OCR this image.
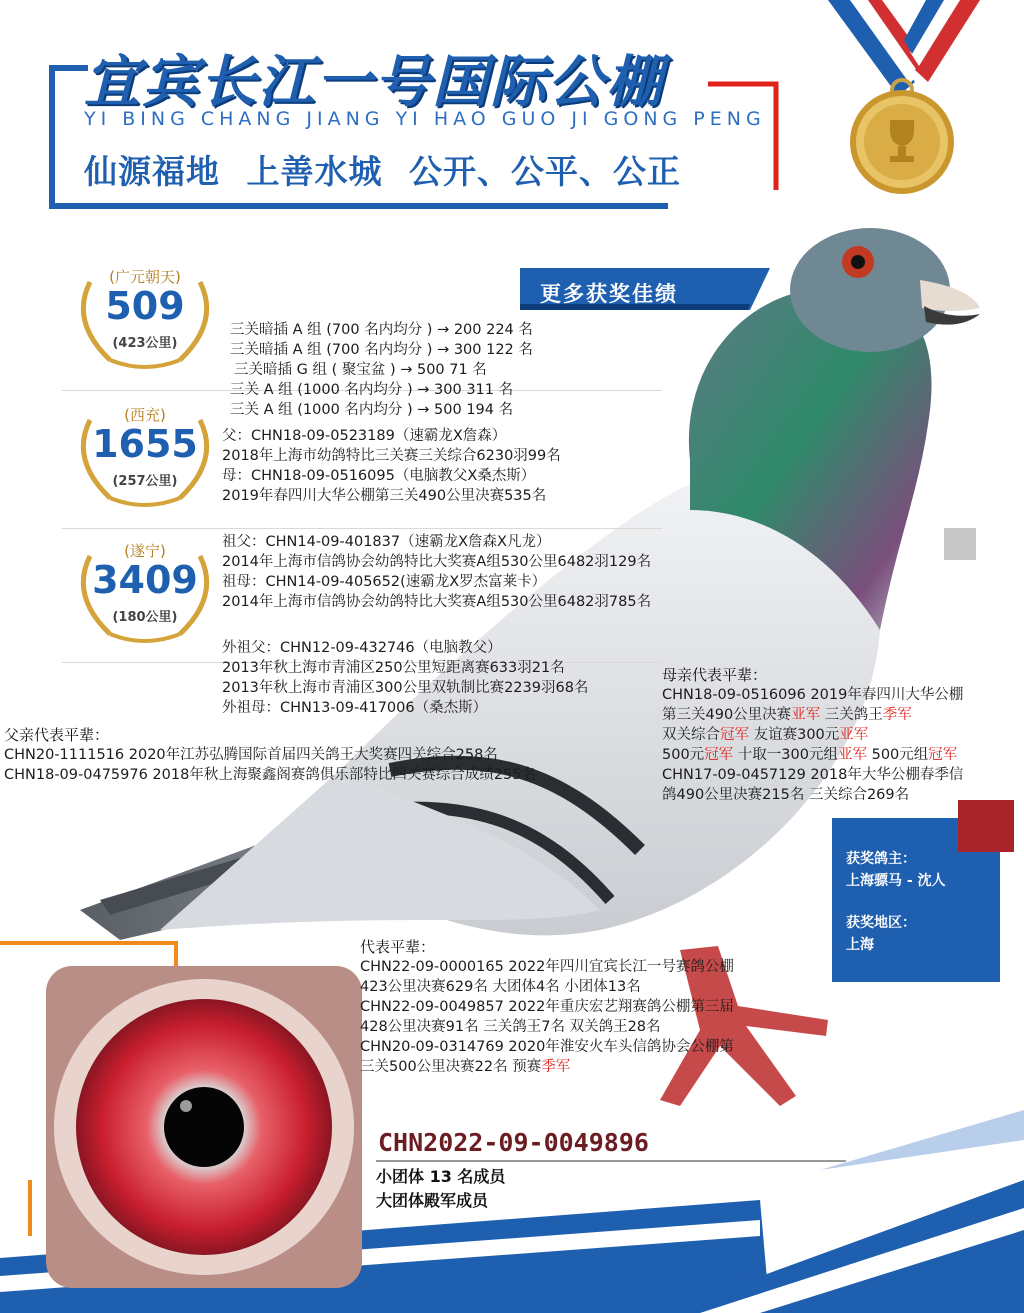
宜宾长江一号国际公棚
YI BING CHANG JIANG YI HAO GUO JI GONG PENG
仙源福地 上善水城 公开、公平、公正
更多获奖佳绩
(广元朝天)
509
(423公里)
(西充)
1655
(257公里)
(遂宁)
3409
(180公里)
三关暗插 A 组 (700 名内均分 ) → 200 224 名
三关暗插 A 组 (700 名内均分 ) → 300 122 名
三关暗插 G 组 ( 聚宝盆 ) → 500 71 名
三关 A 组 (1000 名内均分 ) → 300 311 名
三关 A 组 (1000 名内均分 ) → 500 194 名
父：CHN18-09-0523189（速霸龙X詹森）
2018年上海市幼鸽特比三关赛三关综合6230羽99名
母：CHN18-09-0516095（电脑教父X桑杰斯）
2019年春四川大华公棚第三关490公里决赛535名
祖父：CHN14-09-401837（速霸龙X詹森X凡龙）
2014年上海市信鸽协会幼鸽特比大奖赛A组530公里6482羽129名
祖母：CHN14-09-405652(速霸龙X罗杰富莱卡）
2014年上海市信鸽协会幼鸽特比大奖赛A组530公里6482羽785名
外祖父：CHN12-09-432746（电脑教父）
2013年秋上海市青浦区250公里短距离赛633羽21名
2013年秋上海市青浦区300公里双轨制比赛2239羽68名
外祖母：CHN13-09-417006（桑杰斯）
父亲代表平辈：
CHN20-1111516 2020年江苏弘腾国际首届四关鸽王大奖赛四关综合258名
CHN18-09-0475976 2018年秋上海聚鑫阁赛鸽俱乐部特比四关赛综合成绩255名
母亲代表平辈：
CHN18-09-0516096 2019年春四川大华公棚
第三关490公里决赛亚军 三关鸽王季军
双关综合冠军 友谊赛300元亚军
500元冠军 十取一300元组亚军 500元组冠军
CHN17-09-0457129 2018年大华公棚春季信
鸽490公里决赛215名 三关综合269名
获奖鸽主：
上海骠马 - 沈人
获奖地区：
上海
代表平辈：
CHN22-09-0000165 2022年四川宜宾长江一号赛鸽公棚
423公里决赛629名 大团体4名 小团体13名
CHN22-09-0049857 2022年重庆宏艺翔赛鸽公棚第三届
428公里决赛91名 三关鸽王7名 双关鸽王28名
CHN20-09-0314769 2020年淮安火车头信鸽协会公棚第
三关500公里决赛22名 预赛季军
CHN2022-09-0049896
小团体 13 名成员
大团体殿军成员
